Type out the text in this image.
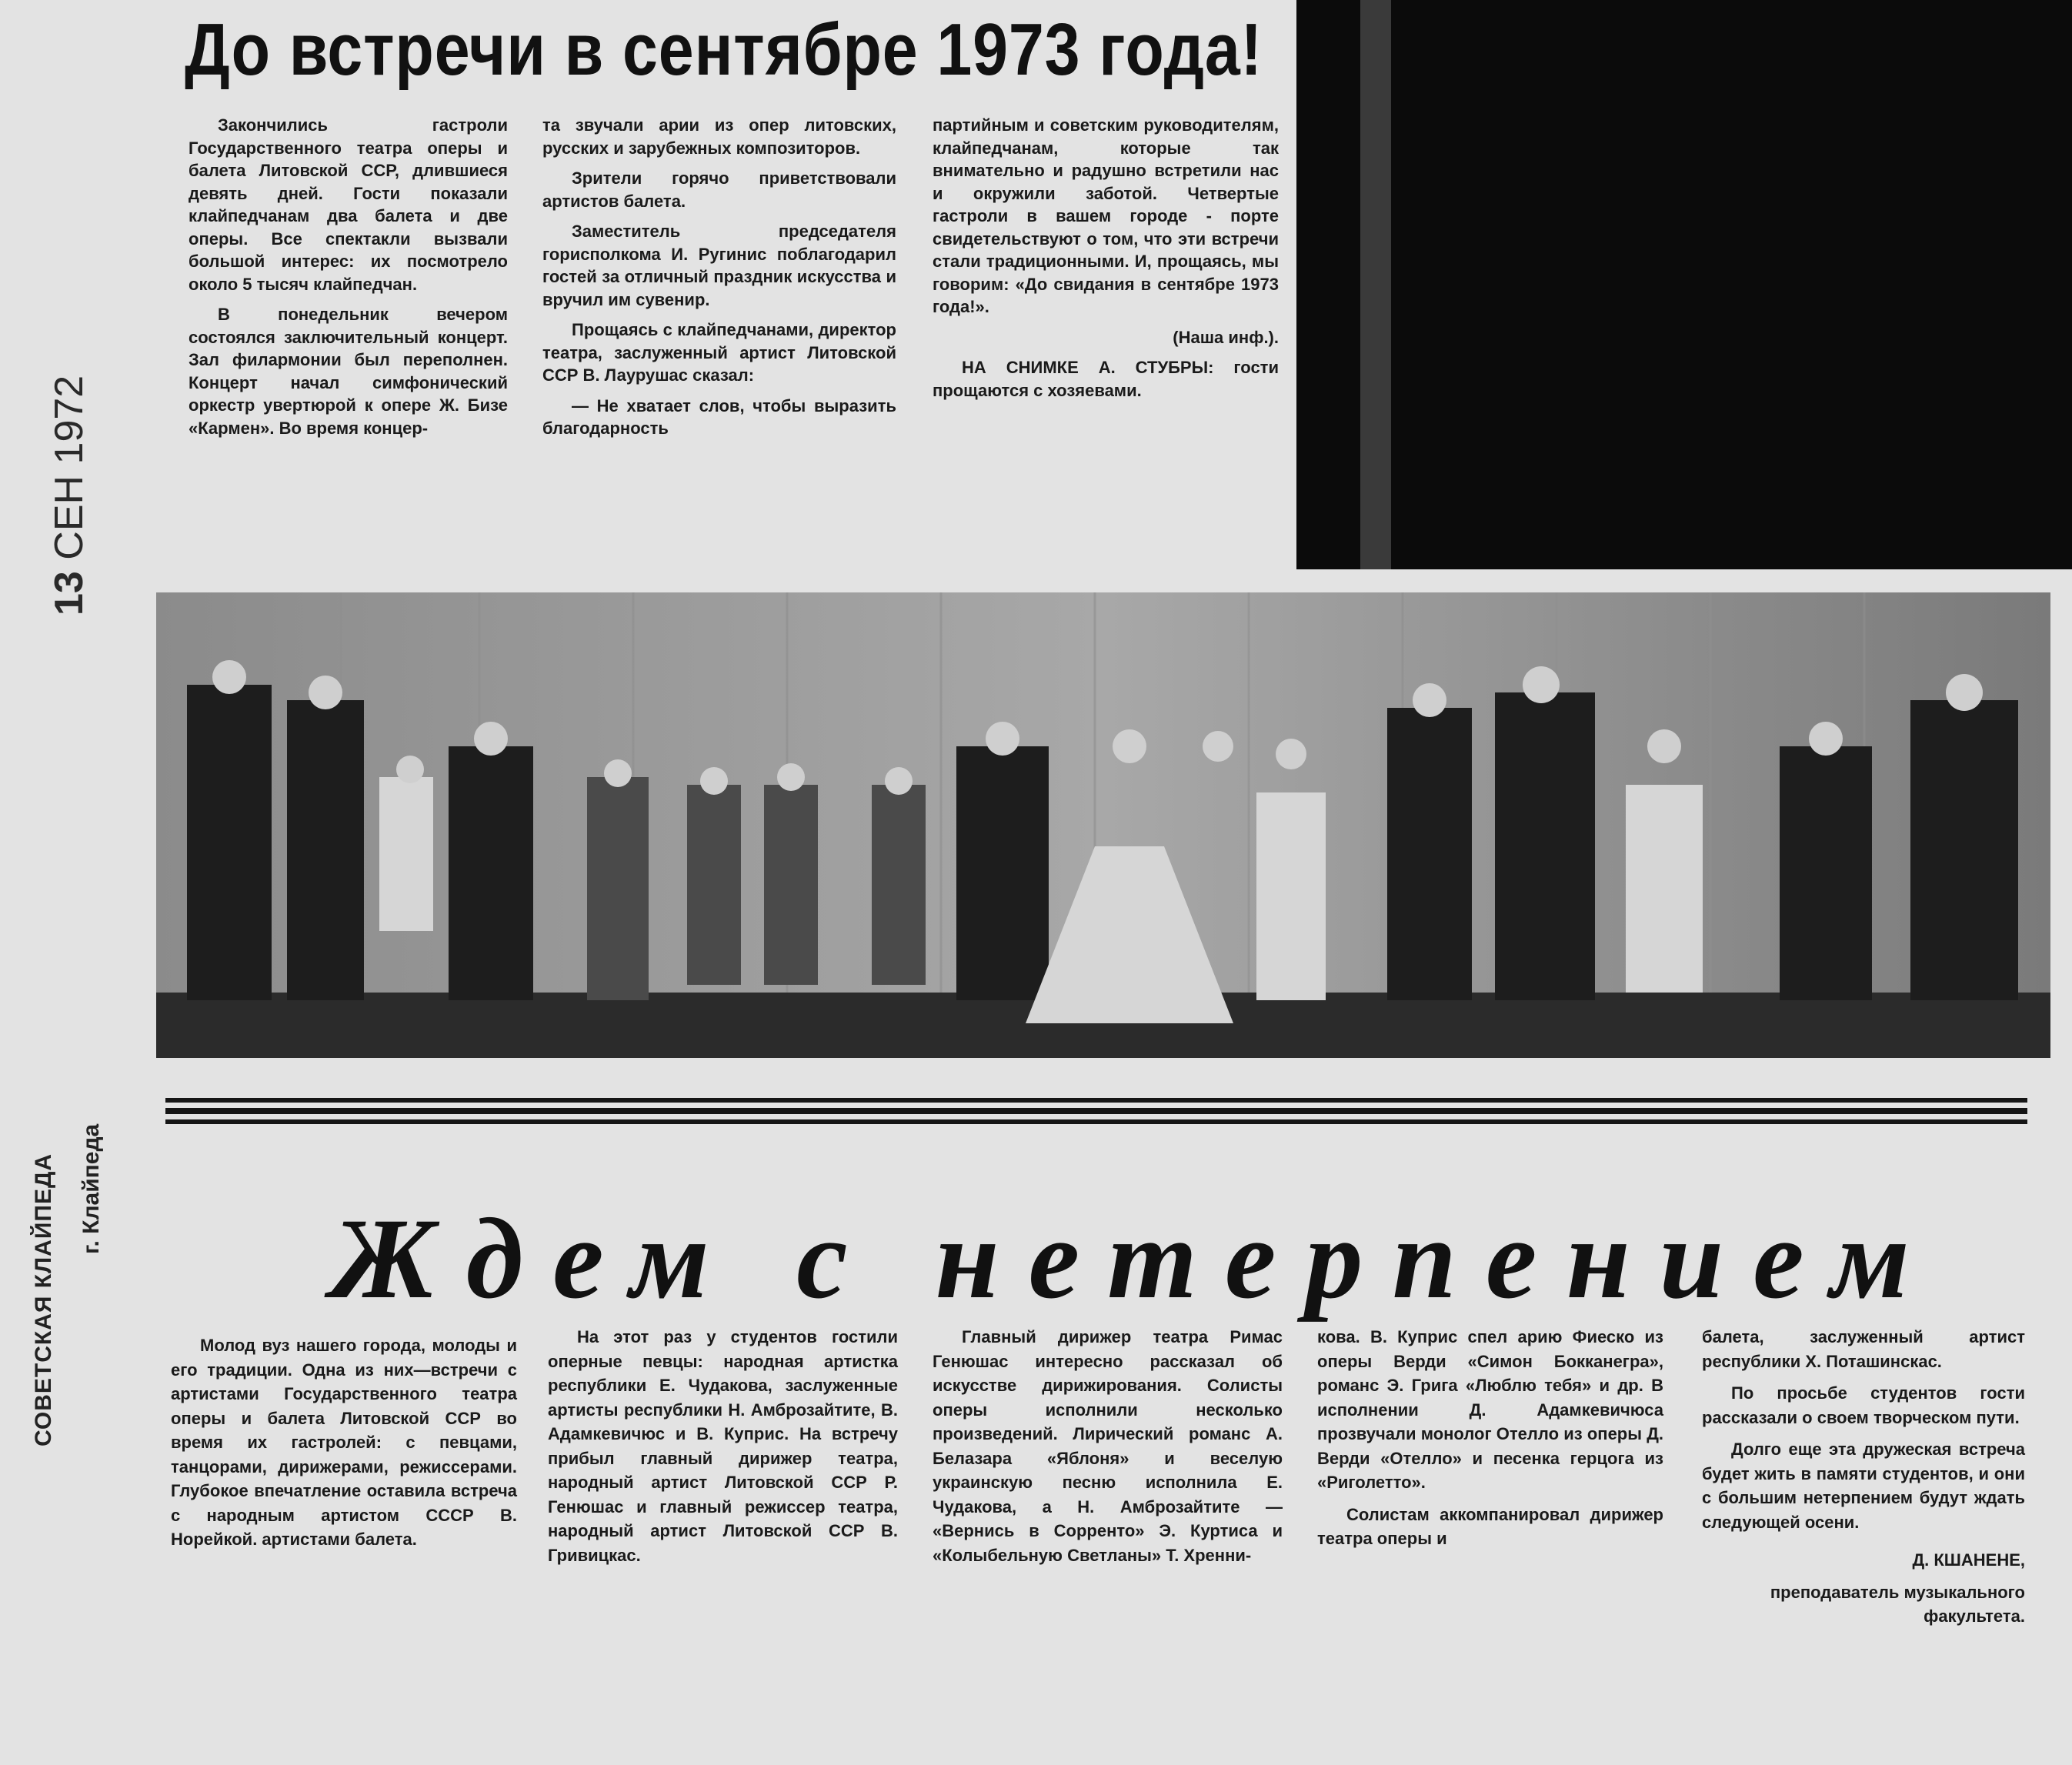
13 СЕН 1972
СОВЕТСКАЯ КЛАЙПЕДА г. Клайпеда
До встречи в сентябре 1973 года!

Закончились гастроли Государственного театра оперы и балета Литовской ССР, длившиеся девять дней. Гости показали клайпедчанам два балета и две оперы. Все спектакли вызвали большой интерес: их посмотрело около 5 тысяч клайпедчан.

В понедельник вечером состоялся заключительный концерт. Зал филармонии был переполнен. Концерт начал симфонический оркестр увертюрой к опере Ж. Бизе «Кармен». Во время концер-

та звучали арии из опер литовских, русских и зарубежных композиторов.

Зрители горячо приветствовали артистов балета.

Заместитель председателя горисполкома И. Ругинис поблагодарил гостей за отличный праздник искусства и вручил им сувенир.

Прощаясь с клайпедчанами, директор театра, заслуженный артист Литовской ССР В. Лаурушас сказал:

— Не хватает слов, чтобы выразить благодарность

партийным и советским руководителям, клайпедчанам, которые так внимательно и радушно встретили нас и окружили заботой. Четвертые гастроли в вашем городе - порте свидетельствуют о том, что эти встречи стали традиционными. И, прощаясь, мы говорим: «До свидания в сентябре 1973 года!».

(Наша инф.).

НА СНИМКЕ А. СТУБРЫ: гости прощаются с хозяевами.

Ждем с нетерпением

Молод вуз нашего города, молоды и его традиции. Одна из них—встречи с артистами Государственного театра оперы и балета Литовской ССР во время их гастролей: с певцами, танцорами, дирижерами, режиссерами. Глубокое впечатление оставила встреча с народным артистом СССР В. Норейкой. артистами балета.

На этот раз у студентов гостили оперные певцы: народная артистка республики Е. Чудакова, заслуженные артисты республики Н. Амброзайтите, В. Адамкевичюс и В. Куприс. На встречу прибыл главный дирижер театра, народный артист Литовской ССР Р. Генюшас и главный режиссер театра, народный артист Литовской ССР В. Гривицкас.

Главный дирижер театра Римас Генюшас интересно рассказал об искусстве дирижирования. Солисты оперы исполнили несколько произведений. Лирический романс А. Белазара «Яблоня» и веселую украинскую песню исполнила Е. Чудакова, а Н. Амброзайтите — «Вернись в Сорренто» Э. Куртиса и «Колыбельную Светланы» Т. Хренни-

кова. В. Куприс спел арию Фиеско из оперы Верди «Симон Бокканегра», романс Э. Грига «Люблю тебя» и др. В исполнении Д. Адамкевичюса прозвучали монолог Отелло из оперы Д. Верди «Отелло» и песенка герцога из «Риголетто».

Солистам аккомпанировал дирижер театра оперы и

балета, заслуженный артист республики Х. Поташинскас.

По просьбе студентов гости рассказали о своем творческом пути.

Долго еще эта дружеская встреча будет жить в памяти студентов, и они с большим нетерпением будут ждать следующей осени.

Д. КШАНЕНЕ,

преподаватель музыкального факультета.
